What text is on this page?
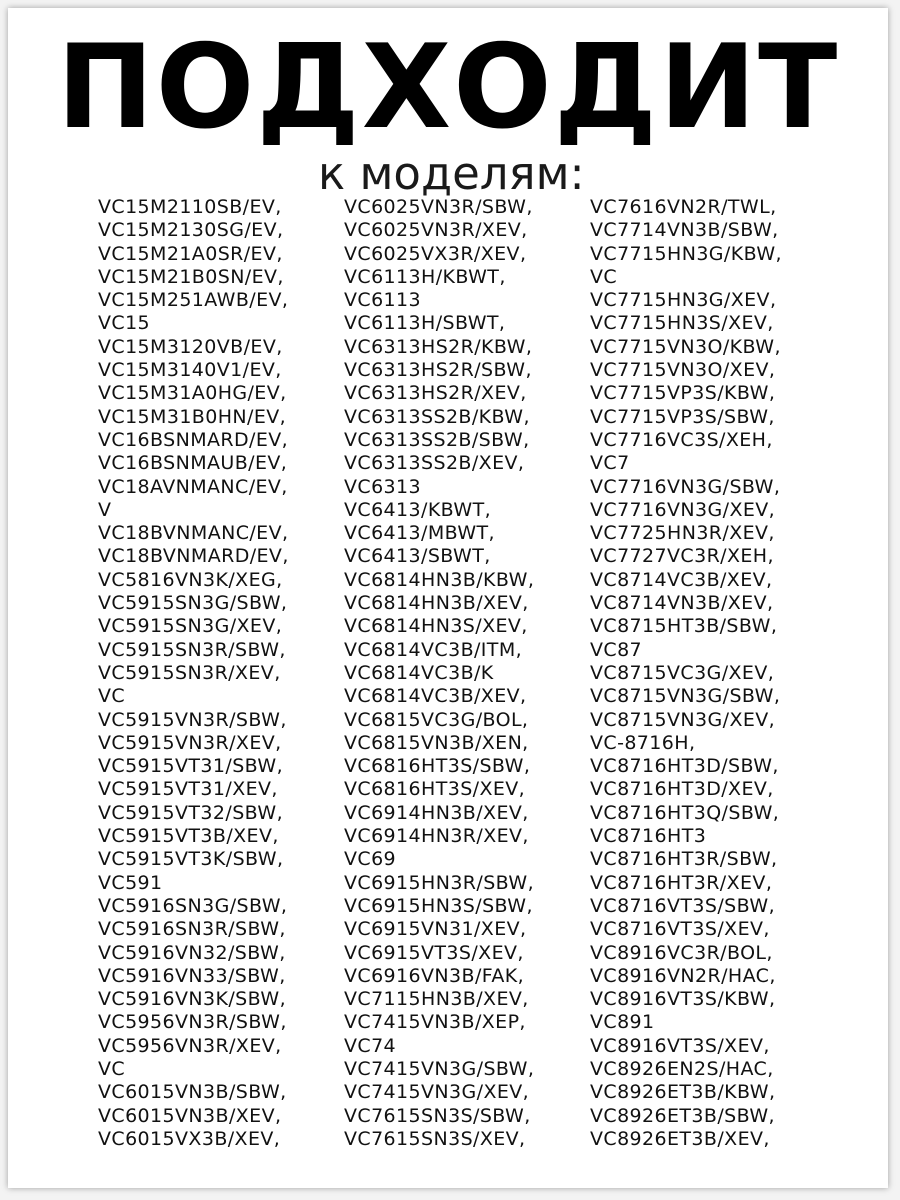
ПОДХОДИТ
к моделям:
VC15M2110SB/EV,
VC15M2130SG/EV,
VC15M21A0SR/EV,
VC15M21B0SN/EV,
VC15M251AWB/EV,
VC15
VC15M3120VB/EV,
VC15M3140V1/EV,
VC15M31A0HG/EV,
VC15M31B0HN/EV,
VC16BSNMARD/EV,
VC16BSNMAUB/EV,
VC18AVNMANC/EV,
V
VC18BVNMANC/EV,
VC18BVNMARD/EV,
VC5816VN3K/XEG,
VC5915SN3G/SBW,
VC5915SN3G/XEV,
VC5915SN3R/SBW,
VC5915SN3R/XEV,
VC
VC5915VN3R/SBW,
VC5915VN3R/XEV,
VC5915VT31/SBW,
VC5915VT31/XEV,
VC5915VT32/SBW,
VC5915VT3B/XEV,
VC5915VT3K/SBW,
VC591
VC5916SN3G/SBW,
VC5916SN3R/SBW,
VC5916VN32/SBW,
VC5916VN33/SBW,
VC5916VN3K/SBW,
VC5956VN3R/SBW,
VC5956VN3R/XEV,
VC
VC6015VN3B/SBW,
VC6015VN3B/XEV,
VC6015VX3B/XEV,
VC6025VN3R/SBW,
VC6025VN3R/XEV,
VC6025VX3R/XEV,
VC6113H/KBWT,
VC6113
VC6113H/SBWT,
VC6313HS2R/KBW,
VC6313HS2R/SBW,
VC6313HS2R/XEV,
VC6313SS2B/KBW,
VC6313SS2B/SBW,
VC6313SS2B/XEV,
VC6313
VC6413/KBWT,
VC6413/MBWT,
VC6413/SBWT,
VC6814HN3B/KBW,
VC6814HN3B/XEV,
VC6814HN3S/XEV,
VC6814VC3B/ITM,
VC6814VC3B/K
VC6814VC3B/XEV,
VC6815VC3G/BOL,
VC6815VN3B/XEN,
VC6816HT3S/SBW,
VC6816HT3S/XEV,
VC6914HN3B/XEV,
VC6914HN3R/XEV,
VC69
VC6915HN3R/SBW,
VC6915HN3S/SBW,
VC6915VN31/XEV,
VC6915VT3S/XEV,
VC6916VN3B/FAK,
VC7115HN3B/XEV,
VC7415VN3B/XEP,
VC74
VC7415VN3G/SBW,
VC7415VN3G/XEV,
VC7615SN3S/SBW,
VC7615SN3S/XEV,
VC7616VN2R/TWL,
VC7714VN3B/SBW,
VC7715HN3G/KBW,
VC
VC7715HN3G/XEV,
VC7715HN3S/XEV,
VC7715VN3O/KBW,
VC7715VN3O/XEV,
VC7715VP3S/KBW,
VC7715VP3S/SBW,
VC7716VC3S/XEH,
VC7
VC7716VN3G/SBW,
VC7716VN3G/XEV,
VC7725HN3R/XEV,
VC7727VC3R/XEH,
VC8714VC3B/XEV,
VC8714VN3B/XEV,
VC8715HT3B/SBW,
VC87
VC8715VC3G/XEV,
VC8715VN3G/SBW,
VC8715VN3G/XEV,
VC-8716H,
VC8716HT3D/SBW,
VC8716HT3D/XEV,
VC8716HT3Q/SBW,
VC8716HT3
VC8716HT3R/SBW,
VC8716HT3R/XEV,
VC8716VT3S/SBW,
VC8716VT3S/XEV,
VC8916VC3R/BOL,
VC8916VN2R/HAC,
VC8916VT3S/KBW,
VC891
VC8916VT3S/XEV,
VC8926EN2S/HAC,
VC8926ET3B/KBW,
VC8926ET3B/SBW,
VC8926ET3B/XEV,
